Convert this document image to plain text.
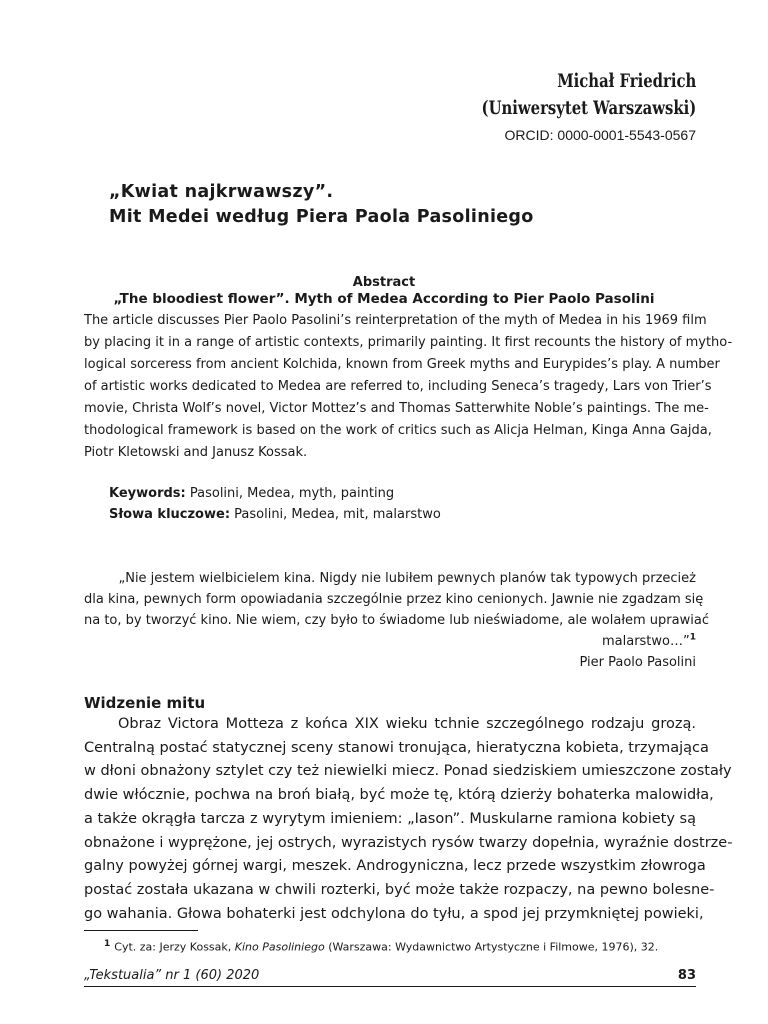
Michał Friedrich
(Uniwersytet Warszawski)
ORCID: 0000-0001-5543-0567
„Kwiat najkrwawszy”.
Mit Medei według Piera Paola Pasoliniego
Abstract
„The bloodiest flower”. Myth of Medea According to Pier Paolo Pasolini
The article discusses Pier Paolo Pasolini’s reinterpretation of the myth of Medea in his 1969 film
by placing it in a range of artistic contexts, primarily painting. It first recounts the history of mytho-
logical sorceress from ancient Kolchida, known from Greek myths and Eurypides’s play. A number
of artistic works dedicated to Medea are referred to, including Seneca’s tragedy, Lars von Trier’s
movie, Christa Wolf’s novel, Victor Mottez’s and Thomas Satterwhite Noble’s paintings. The me-
thodological framework is based on the work of critics such as Alicja Helman, Kinga Anna Gajda,
Piotr Kletowski and Janusz Kossak.
Keywords: Pasolini, Medea, myth, painting
Słowa kluczowe: Pasolini, Medea, mit, malarstwo
„Nie jestem wielbicielem kina. Nigdy nie lubiłem pewnych planów tak typowych przecież
dla kina, pewnych form opowiadania szczególnie przez kino cenionych. Jawnie nie zgadzam się
na to, by tworzyć kino. Nie wiem, czy było to świadome lub nieświadome, ale wolałem uprawiać
malarstwo…”$^1$
Pier Paolo Pasolini
Widzenie mitu
Obraz Victora Motteza z końca XIX wieku tchnie szczególnego rodzaju grozą.
Centralną postać statycznej sceny stanowi tronująca, hieratyczna kobieta, trzymająca
w dłoni obnażony sztylet czy też niewielki miecz. Ponad siedziskiem umieszczone zostały
dwie włócznie, pochwa na broń białą, być może tę, którą dzierży bohaterka malowidła,
a także okrągła tarcza z wyrytym imieniem: „Iason”. Muskularne ramiona kobiety są
obnażone i wyprężone, jej ostrych, wyrazistych rysów twarzy dopełnia, wyraźnie dostrze-
galny powyżej górnej wargi, meszek. Androgyniczna, lecz przede wszystkim złowroga
postać została ukazana w chwili rozterki, być może także rozpaczy, na pewno bolesne-
go wahania. Głowa bohaterki jest odchylona do tyłu, a spod jej przymkniętej powieki,
$^1$ Cyt. za: Jerzy Kossak, Kino Pasoliniego (Warszawa: Wydawnictwo Artystyczne i Filmowe, 1976), 32.
„Tekstualia” nr 1 (60) 2020	83
